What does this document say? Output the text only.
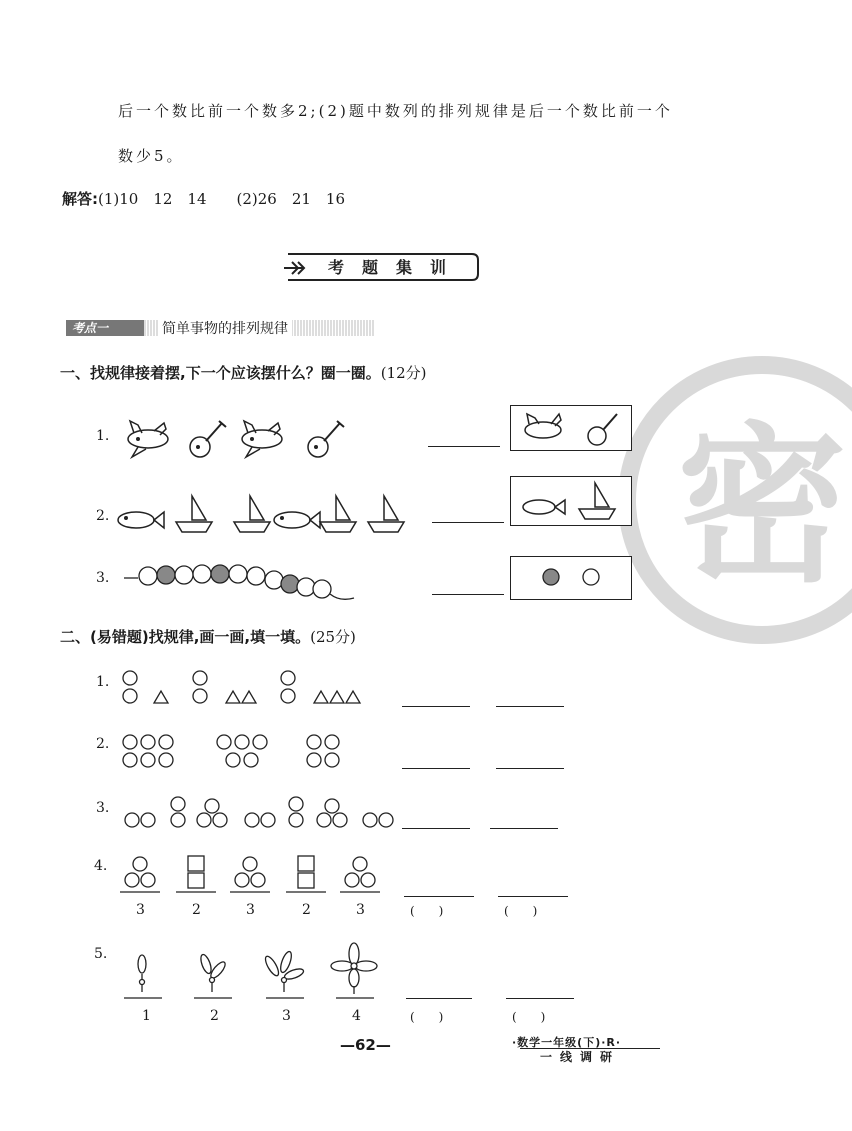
密
后一个数比前一个数多2;(2)题中数列的排列规律是后一个数比前一个
数少5。
解答:(1)10　12　14　　(2)26　21　16
考题集训
考点一	简单事物的排列规律
一、找规律接着摆,下一个应该摆什么？圈一圈。(12分)
1.
2.
3.
二、(易错题)找规律,画一画,填一填。(25分)
1.
2.
3.
4.
3	2	3	2	3	(　　)	(　　)
5.
1	2	3	4	(　　)	(　　)
—62—	·数学一年级(下)·R·
一线调研
